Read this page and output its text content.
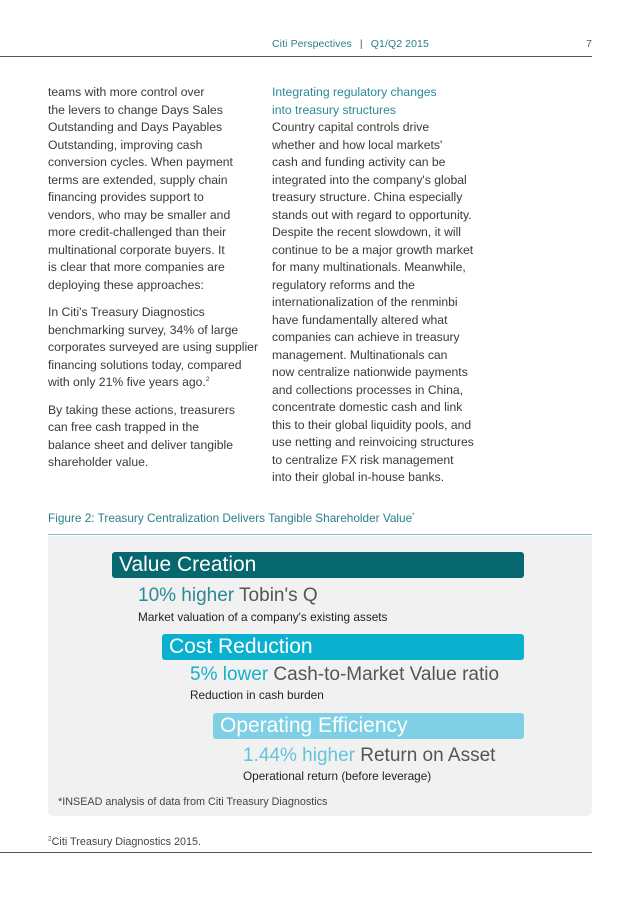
Citi Perspectives | Q1/Q2 2015	7

teams with more control over
the levers to change Days Sales
Outstanding and Days Payables
Outstanding, improving cash
conversion cycles. When payment
terms are extended, supply chain
financing provides support to
vendors, who may be smaller and
more credit-challenged than their
multinational corporate buyers. It
is clear that more companies are
deploying these approaches:

In Citi's Treasury Diagnostics
benchmarking survey, 34% of large
corporates surveyed are using supplier
financing solutions today, compared
with only 21% five years ago.$^2$

By taking these actions, treasurers
can free cash trapped in the
balance sheet and deliver tangible
shareholder value.

Integrating regulatory changes
into treasury structures
Country capital controls drive
whether and how local markets'
cash and funding activity can be
integrated into the company's global
treasury structure. China especially
stands out with regard to opportunity.
Despite the recent slowdown, it will
continue to be a major growth market
for many multinationals. Meanwhile,
regulatory reforms and the
internationalization of the renminbi
have fundamentally altered what
companies can achieve in treasury
management. Multinationals can
now centralize nationwide payments
and collections processes in China,
concentrate domestic cash and link
this to their global liquidity pools, and
use netting and reinvoicing structures
to centralize FX risk management
into their global in-house banks.
Figure 2: Treasury Centralization Delivers Tangible Shareholder Value*
Value Creation
10% higher Tobin's Q
Market valuation of a company's existing assets
Cost Reduction
5% lower Cash-to-Market Value ratio
Reduction in cash burden
Operating Efficiency
1.44% higher Return on Asset
Operational return (before leverage)
*INSEAD analysis of data from Citi Treasury Diagnostics
$^2$Citi Treasury Diagnostics 2015.
